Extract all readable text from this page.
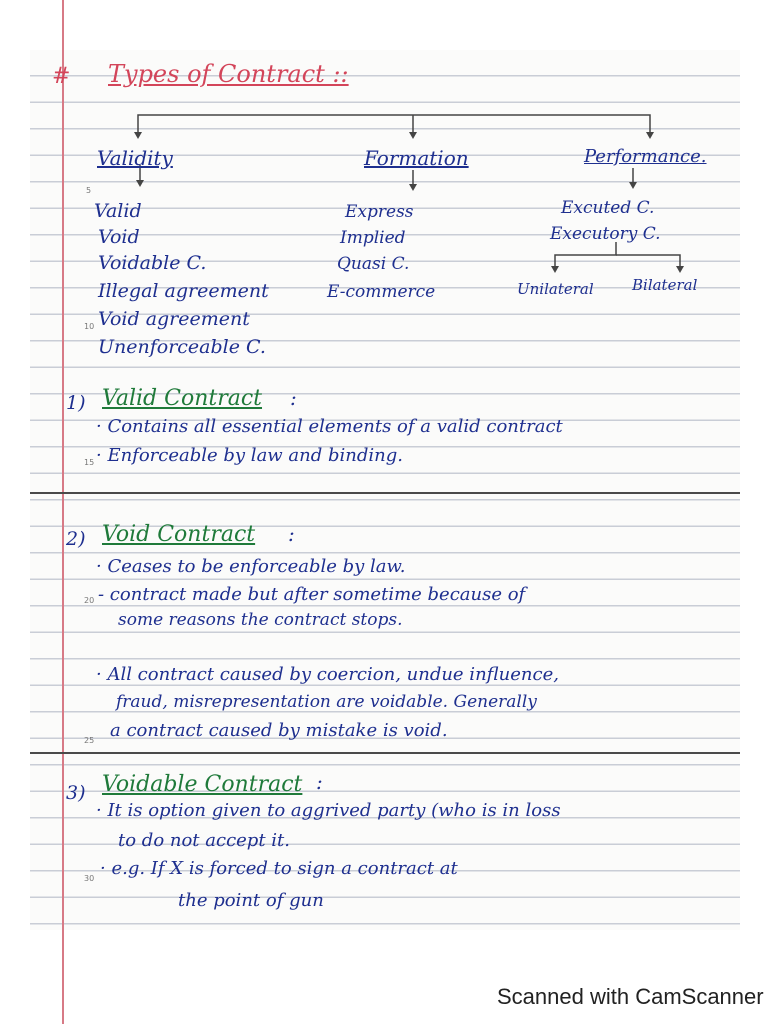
# Types of Contract ::
Validity	Formation	Performance.
Valid
Void
Voidable C.
Illegal agreement
Void agreement
Unenforceable C.
Express
Implied
Quasi C.
E-commerce
Excuted C.
Executory C.
Unilateral	Bilateral
1) Valid Contract :
· Contains all essential elements of a valid contract
· Enforceable by law and binding.
2) Void Contract :
· Ceases to be enforceable by law.
- contract made but after sometime because of
some reasons the contract stops.
· All contract caused by coercion, undue influence,
fraud, misrepresentation are voidable. Generally
a contract caused by mistake is void.
3) Voidable Contract :
· It is option given to aggrived party (who is in loss
to do not accept it.
· e.g. If X is forced to sign a contract at
the point of gun
5
10
15
20
25
30
Scanned with CamScanner
